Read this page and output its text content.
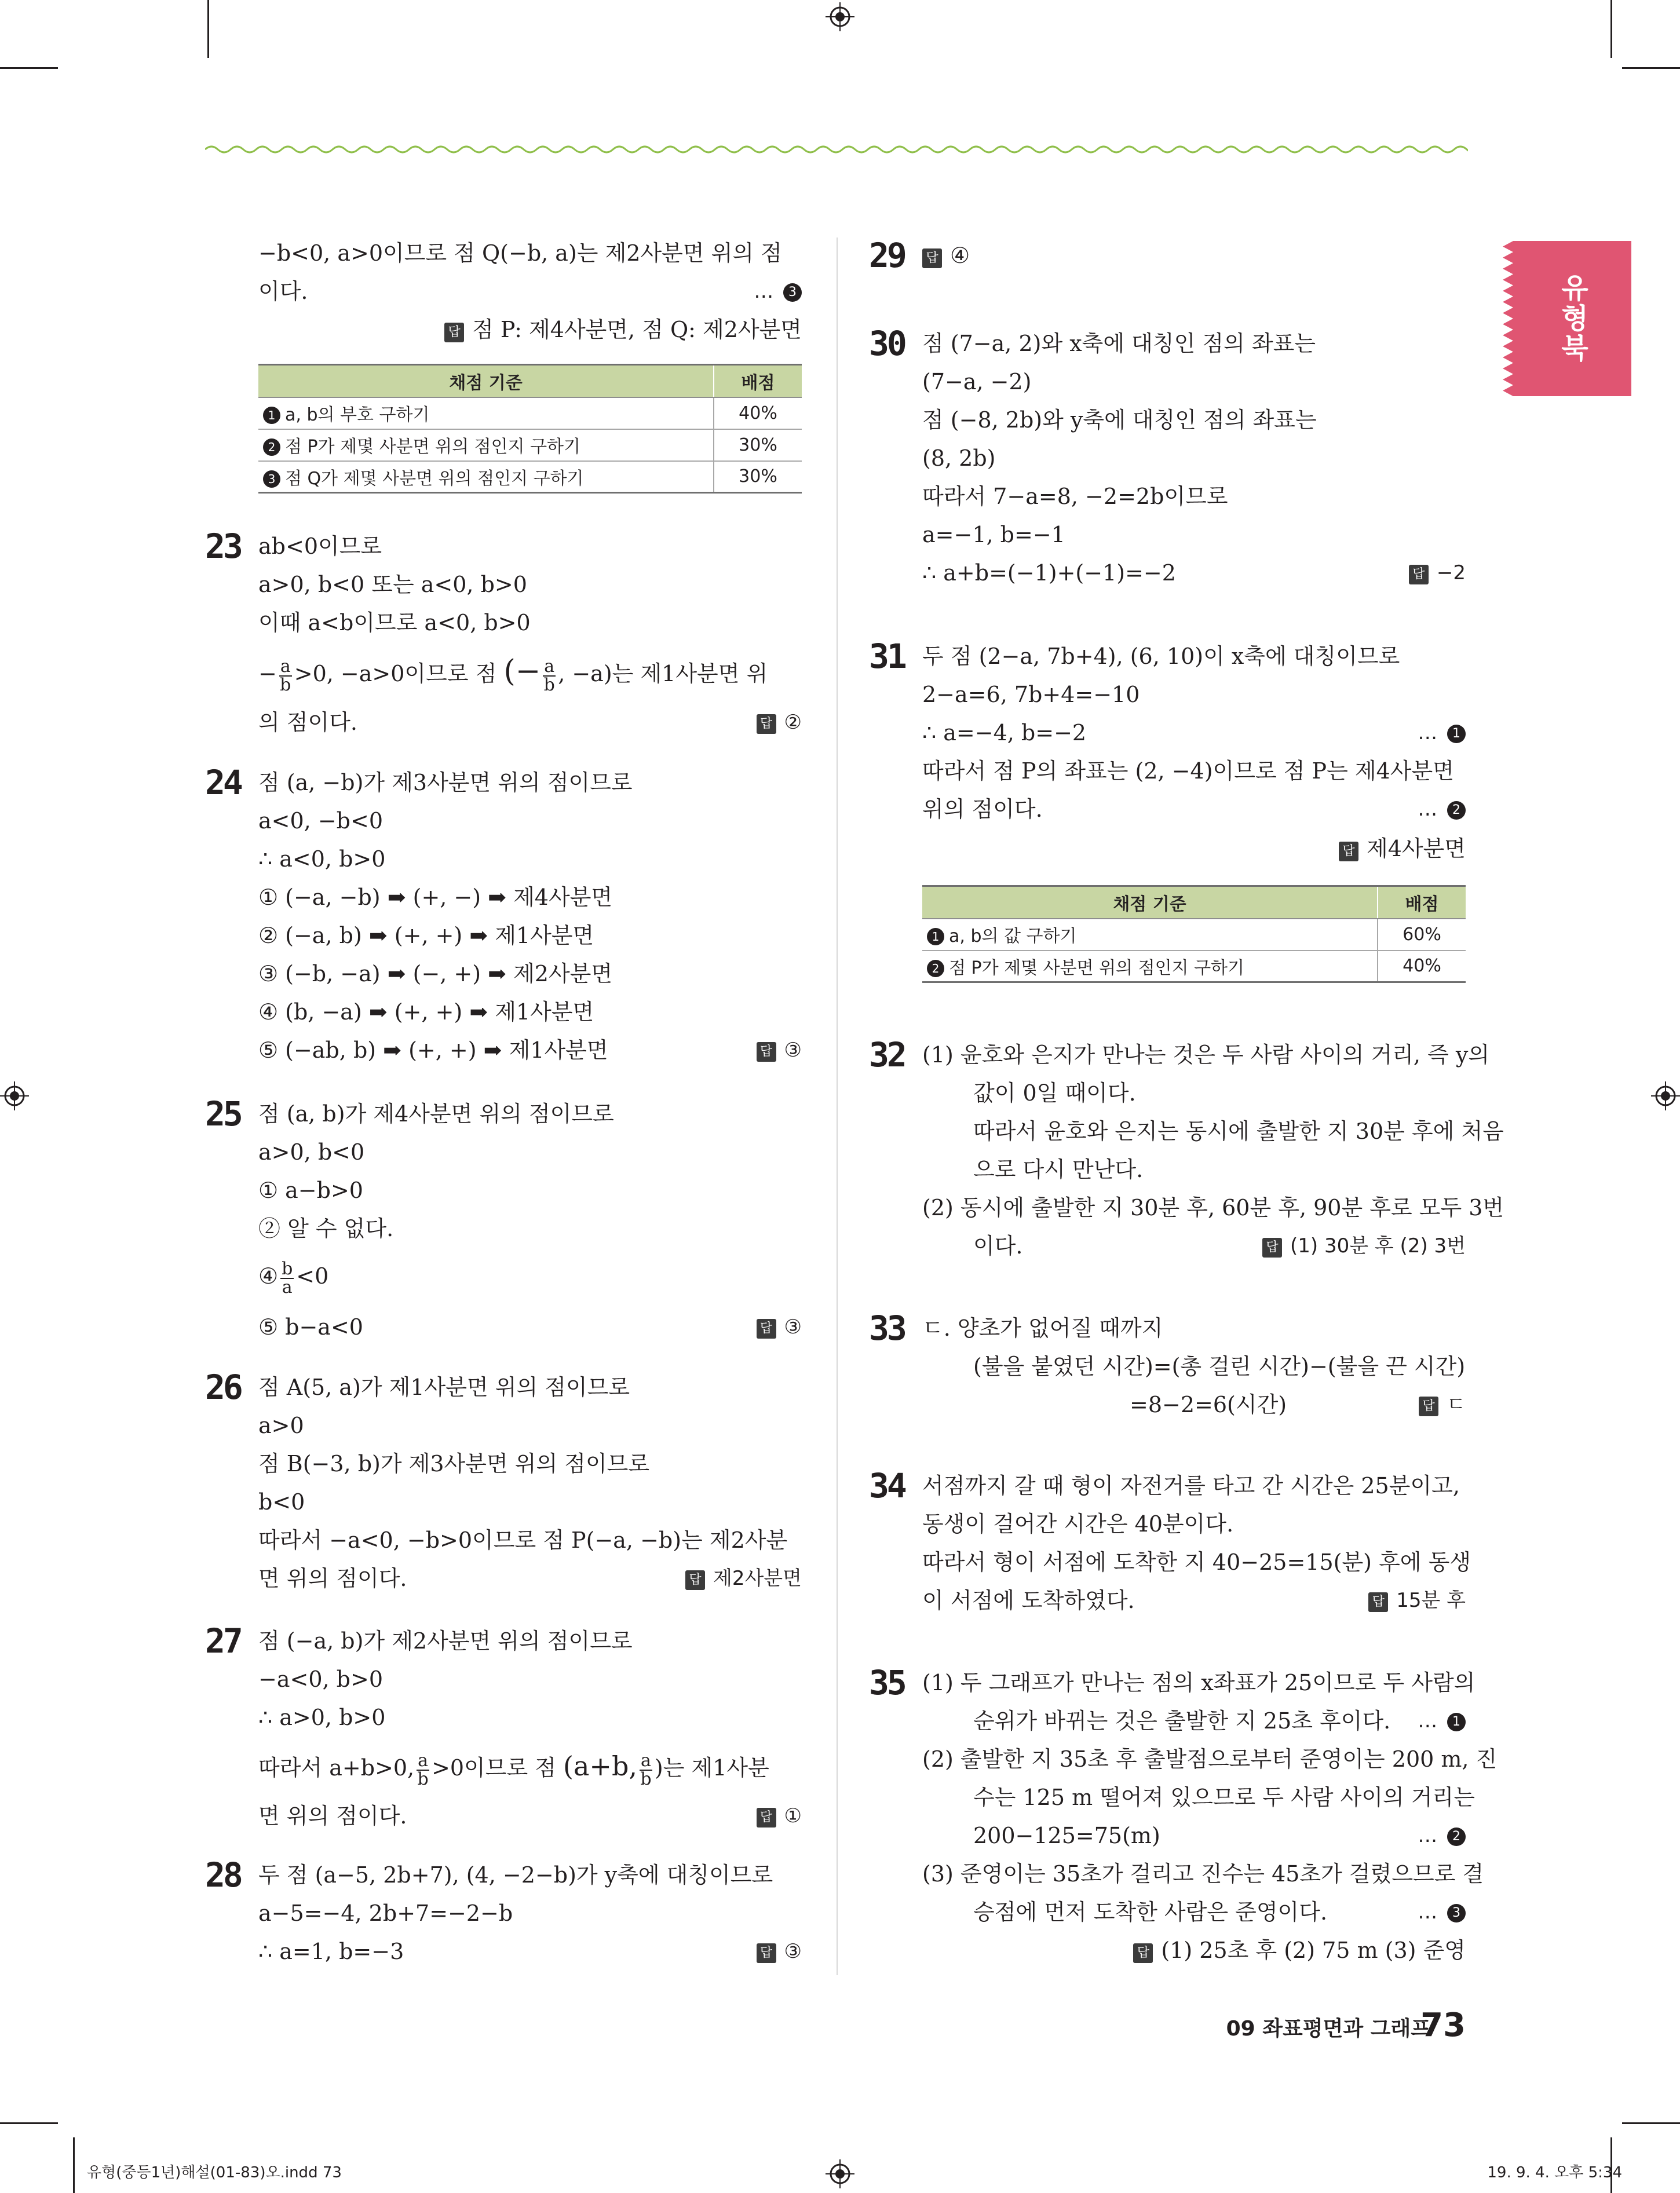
유형북
−b<0, a>0이므로 점 Q(−b, a)는 제2사분면 위의 점
이다.	… 3
답 점 P: 제4사분면, 점 Q: 제2사분면
채점 기준	배점
1 a, b의 부호 구하기	40%
2 점 P가 제몇 사분면 위의 점인지 구하기	30%
3 점 Q가 제몇 사분면 위의 점인지 구하기	30%
23 ab<0이므로
a>0, b<0 또는 a<0, b>0
이때 a<b이므로 a<0, b>0
− $\frac{a}{b} >0$, −a>0이므로 점 (− $\frac{a}{b}$ , −a)는 제1사분면 위
의 점이다.	답 ②
24 점 (a, −b)가 제3사분면 위의 점이므로
a<0, −b<0
∴ a<0, b>0
① (−a, −b) ➡ (+, −) ➡ 제4사분면
② (−a, b) ➡ (+, +) ➡ 제1사분면
③ (−b, −a) ➡ (−, +) ➡ 제2사분면
④ (b, −a) ➡ (+, +) ➡ 제1사분면
⑤ (−ab, b) ➡ (+, +) ➡ 제1사분면	답 ③
25 점 (a, b)가 제4사분면 위의 점이므로
a>0, b<0
① a−b>0
② 알 수 없다.
④ $\frac{b}{a} <0$
⑤ b−a<0	답 ③
26 점 A(5, a)가 제1사분면 위의 점이므로
a>0
점 B(−3, b)가 제3사분면 위의 점이므로
b<0
따라서 −a<0, −b>0이므로 점 P(−a, −b)는 제2사분
면 위의 점이다.	답 제2사분면
27 점 (−a, b)가 제2사분면 위의 점이므로
−a<0, b>0
∴ a>0, b>0
따라서 a+b>0, $\frac{a}{b} >0$이므로 점 (a+b, $\frac{a}{b}$ )는 제1사분
면 위의 점이다.	답 ①
28 두 점 (a−5, 2b+7), (4, −2−b)가 y축에 대칭이므로
a−5=−4, 2b+7=−2−b
∴ a=1, b=−3	답 ③
29 답 ④
30 점 (7−a, 2)와 x축에 대칭인 점의 좌표는
(7−a, −2)
점 (−8, 2b)와 y축에 대칭인 점의 좌표는
(8, 2b)
따라서 7−a=8, −2=2b이므로
a=−1, b=−1
∴ a+b=(−1)+(−1)=−2	답 −2
31 두 점 (2−a, 7b+4), (6, 10)이 x축에 대칭이므로
2−a=6, 7b+4=−10
∴ a=−4, b=−2	… 1
따라서 점 P의 좌표는 (2, −4)이므로 점 P는 제4사분면
위의 점이다.	… 2
답 제4사분면
채점 기준	배점
1 a, b의 값 구하기	60%
2 점 P가 제몇 사분면 위의 점인지 구하기	40%
32 (1) 윤호와 은지가 만나는 것은 두 사람 사이의 거리, 즉 y의
값이 0일 때이다.
따라서 윤호와 은지는 동시에 출발한 지 30분 후에 처음
으로 다시 만난다.
(2) 동시에 출발한 지 30분 후, 60분 후, 90분 후로 모두 3번
이다.	답 (1) 30분 후 (2) 3번
33 ㄷ. 양초가 없어질 때까지
(불을 붙였던 시간)=(총 걸린 시간)−(불을 끈 시간)
=8−2=6(시간)	답 ㄷ
34 서점까지 갈 때 형이 자전거를 타고 간 시간은 25분이고,
동생이 걸어간 시간은 40분이다.
따라서 형이 서점에 도착한 지 40−25=15(분) 후에 동생
이 서점에 도착하였다.	답 15분 후
35 (1) 두 그래프가 만나는 점의 x좌표가 25이므로 두 사람의
순위가 바뀌는 것은 출발한 지 25초 후이다. … 1
(2) 출발한 지 35초 후 출발점으로부터 준영이는 200 m, 진
수는 125 m 떨어져 있으므로 두 사람 사이의 거리는
200−125=75(m)	… 2
(3) 준영이는 35초가 걸리고 진수는 45초가 걸렸으므로 결
승점에 먼저 도착한 사람은 준영이다.	… 3
답 (1) 25초 후 (2) 75 m (3) 준영
09 좌표평면과 그래프
73
유형(중등1년)해설(01-83)오.indd 73	19. 9. 4. 오후 5:34
